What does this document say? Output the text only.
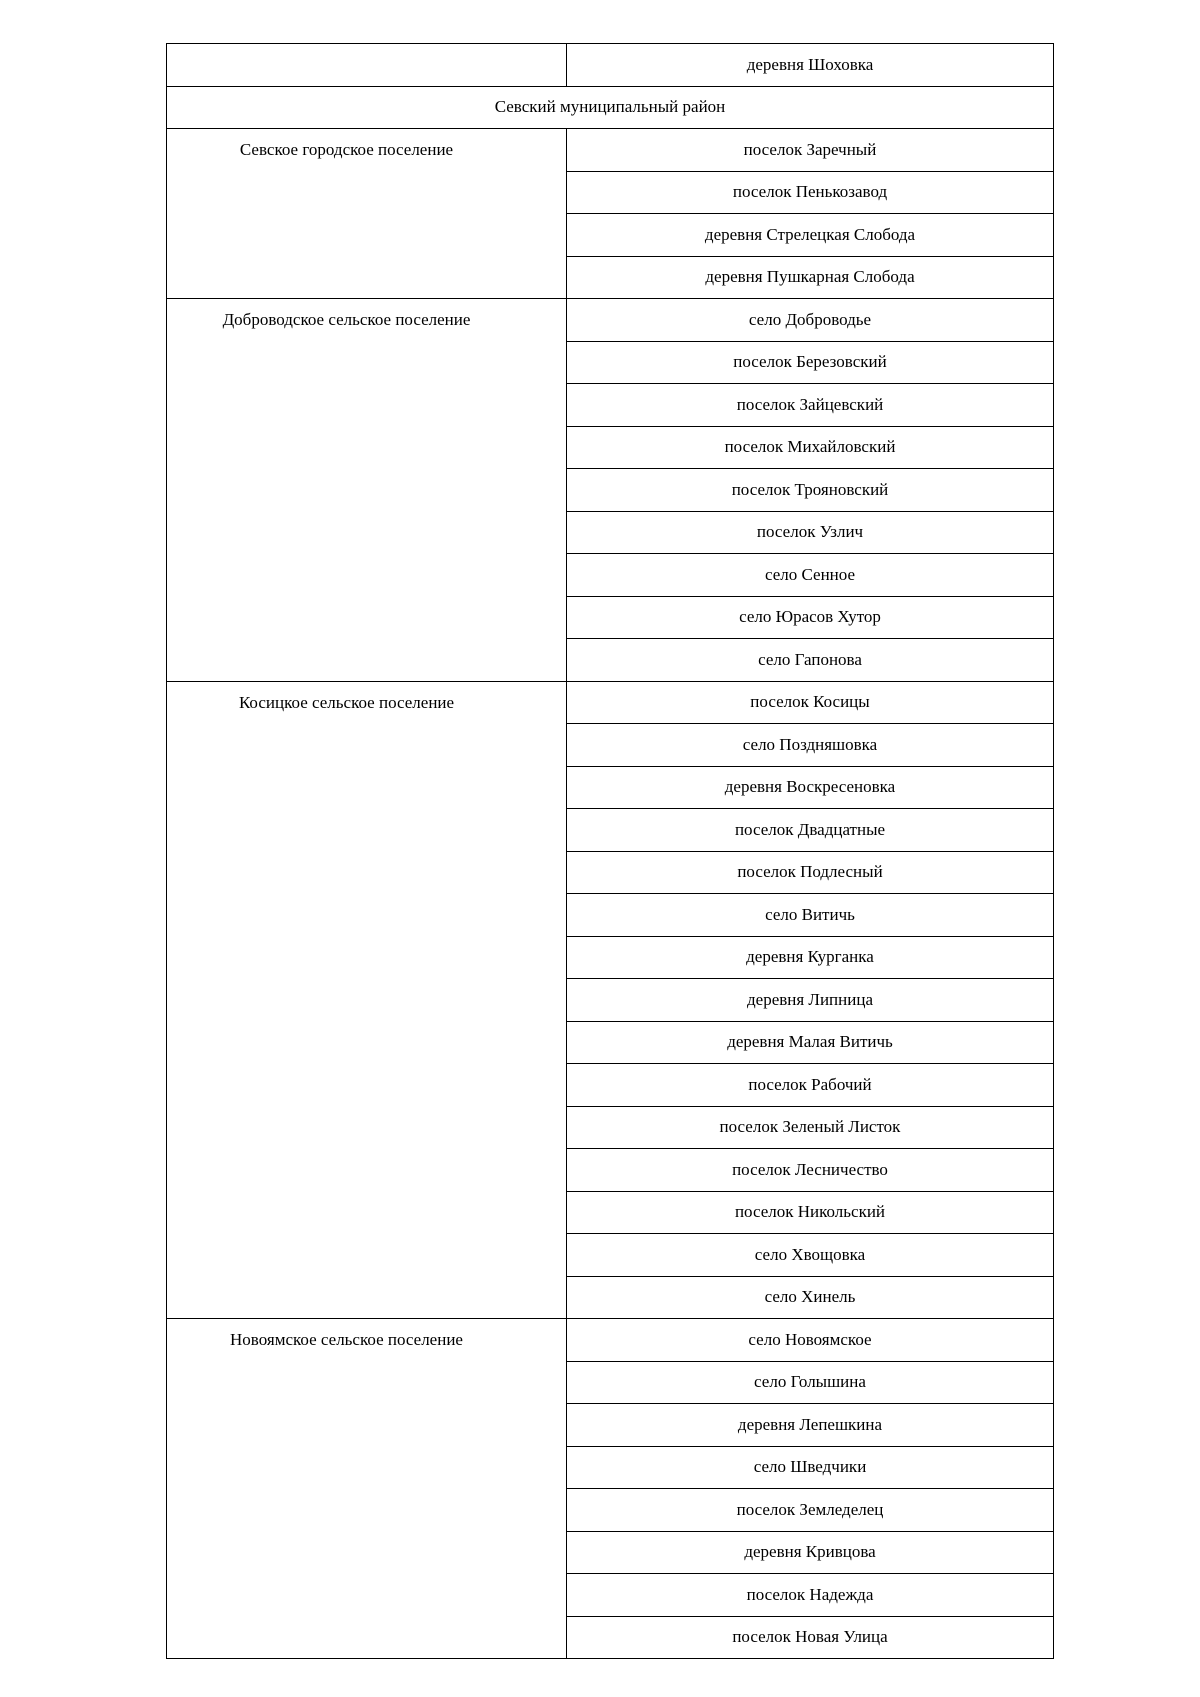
	деревня Шоховка
Севский муниципальный район	
Севское городское поселение	поселок Заречный
	поселок Пенькозавод
	деревня Стрелецкая Слобода
	деревня Пушкарная Слобода
Доброводское сельское поселение	село Доброводье
	поселок Березовский
	поселок Зайцевский
	поселок Михайловский
	поселок Трояновский
	поселок Узлич
	село Сенное
	село Юрасов Хутор
	село Гапонова
Косицкое сельское поселение	поселок Косицы
	село Поздняшовка
	деревня Воскресеновка
	поселок Двадцатные
	поселок Подлесный
	село Витичь
	деревня Курганка
	деревня Липница
	деревня Малая Витичь
	поселок Рабочий
	поселок Зеленый Листок
	поселок Лесничество
	поселок Никольский
	село Хвощовка
	село Хинель
Новоямское сельское поселение	село Новоямское
	село Голышина
	деревня Лепешкина
	село Шведчики
	поселок Земледелец
	деревня Кривцова
	поселок Надежда
	поселок Новая Улица
